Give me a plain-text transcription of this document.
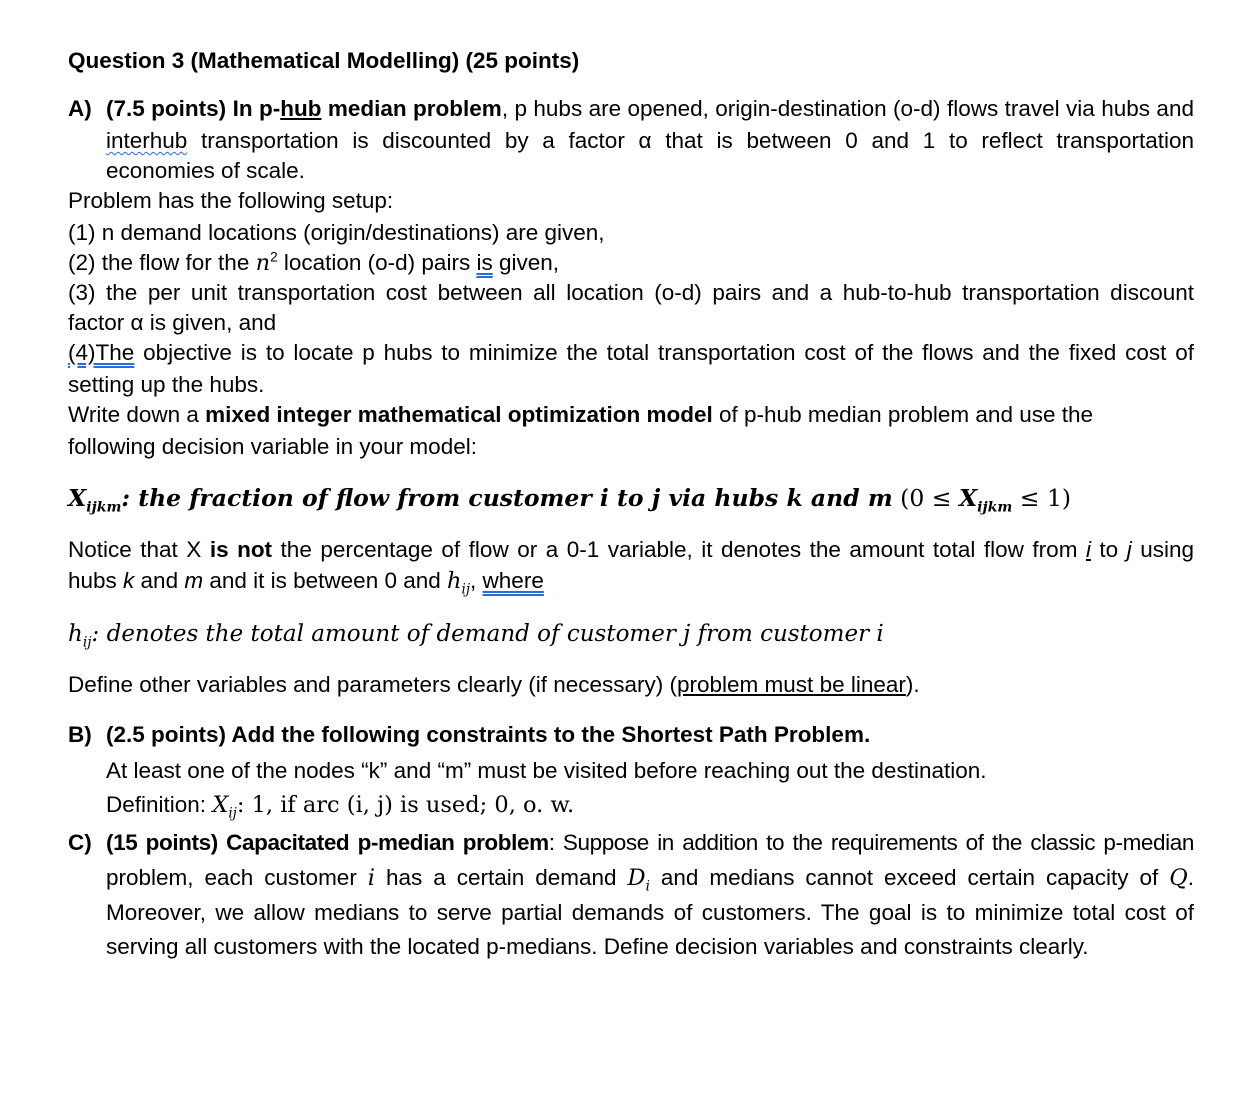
Question 3 (Mathematical Modelling) (25 points)
A) (7.5 points) In p-hub median problem, p hubs are opened, origin-destination (o-d) flows travel via hubs and
interhub transportation is discounted by a factor α that is between 0 and 1 to reflect transportation
economies of scale.
Problem has the following setup:
(1) n demand locations (origin/destinations) are given,
(2) the flow for the $n^2$ location (o-d) pairs is given,
(3) the per unit transportation cost between all location (o-d) pairs and a hub-to-hub transportation discount
factor α is given, and
(4)The objective is to locate p hubs to minimize the total transportation cost of the flows and the fixed cost of
setting up the hubs.
Write down a mixed integer mathematical optimization model of p-hub median problem and use the
following decision variable in your model:
$X_{ijkm}$: the fraction of flow from customer i to j via hubs k and m $(0 \le X_{ijkm} \le 1)$
Notice that X is not the percentage of flow or a 0-1 variable, it denotes the amount total flow from i to j using
hubs k and m and it is between 0 and $h_{ij}$, where
$h_{ij}$: denotes the total amount of demand of customer j from customer i
Define other variables and parameters clearly (if necessary) (problem must be linear).
B) (2.5 points) Add the following constraints to the Shortest Path Problem.
At least one of the nodes “k” and “m” must be visited before reaching out the destination.
Definition: $X_{ij}$: 1, if arc (i, j) is used; 0, o. w.
C) (15 points) Capacitated p-median problem: Suppose in addition to the requirements of the classic p-median
problem, each customer i has a certain demand $D_i$ and medians cannot exceed certain capacity of Q.
Moreover, we allow medians to serve partial demands of customers. The goal is to minimize total cost of
serving all customers with the located p-medians. Define decision variables and constraints clearly.
